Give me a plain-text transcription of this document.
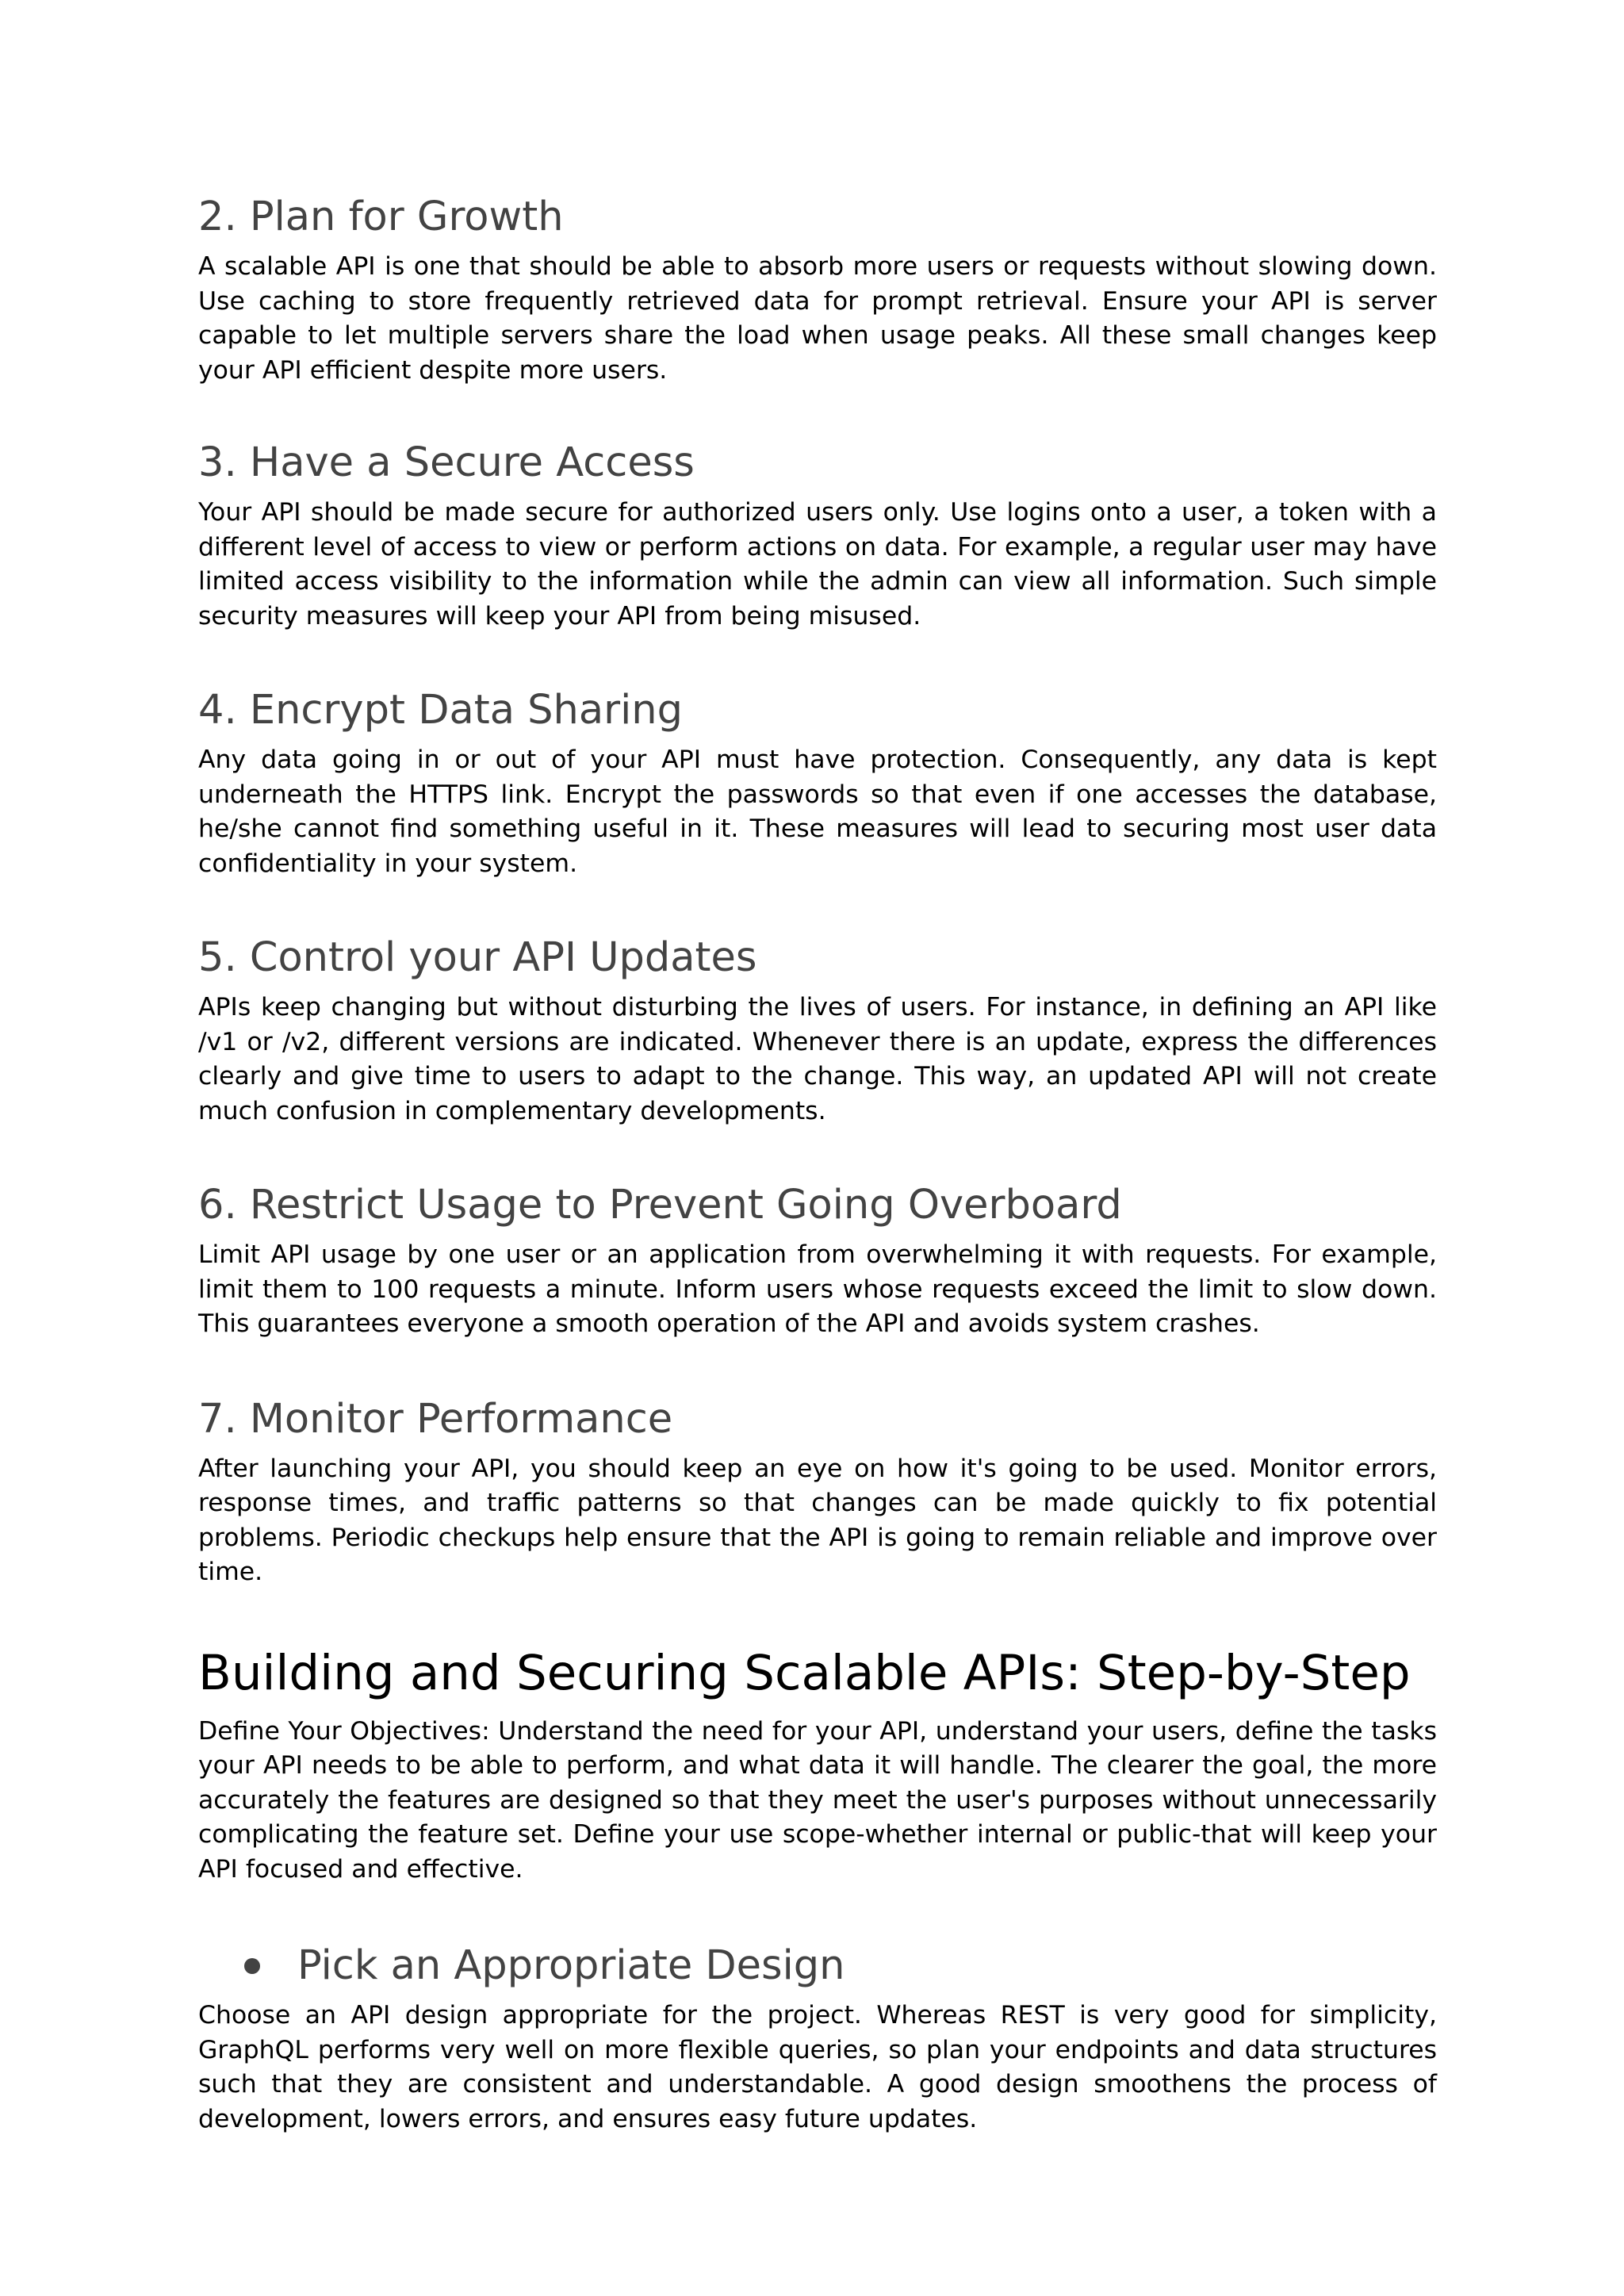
2. Plan for Growth

A scalable API is one that should be able to absorb more users or requests without slowing down. Use caching to store frequently retrieved data for prompt retrieval. Ensure your API is server capable to let multiple servers share the load when usage peaks. All these small changes keep your API efficient despite more users.

3. Have a Secure Access

Your API should be made secure for authorized users only. Use logins onto a user, a token with a different level of access to view or perform actions on data. For example, a regular user may have limited access visibility to the information while the admin can view all information. Such simple security measures will keep your API from being misused.

4. Encrypt Data Sharing

Any data going in or out of your API must have protection. Consequently, any data is kept underneath the HTTPS link. Encrypt the passwords so that even if one accesses the database, he/she cannot find something useful in it. These measures will lead to securing most user data confidentiality in your system.

5. Control your API Updates

APIs keep changing but without disturbing the lives of users. For instance, in defining an API like /v1 or /v2, different versions are indicated. Whenever there is an update, express the differences clearly and give time to users to adapt to the change. This way, an updated API will not create much confusion in complementary developments.

6. Restrict Usage to Prevent Going Overboard

Limit API usage by one user or an application from overwhelming it with requests. For example, limit them to 100 requests a minute. Inform users whose requests exceed the limit to slow down. This guarantees everyone a smooth operation of the API and avoids system crashes.

7. Monitor Performance

After launching your API, you should keep an eye on how it's going to be used. Monitor errors, response times, and traffic patterns so that changes can be made quickly to fix potential problems. Periodic checkups help ensure that the API is going to remain reliable and improve over time.

Building and Securing Scalable APIs: Step-by-Step

Define Your Objectives: Understand the need for your API, understand your users, define the tasks your API needs to be able to perform, and what data it will handle. The clearer the goal, the more accurately the features are designed so that they meet the user's purposes without unnecessarily complicating the feature set. Define your use scope-whether internal or public-that will keep your API focused and effective.

Pick an Appropriate Design

Choose an API design appropriate for the project. Whereas REST is very good for simplicity, GraphQL performs very well on more flexible queries, so plan your endpoints and data structures such that they are consistent and understandable. A good design smoothens the process of development, lowers errors, and ensures easy future updates.
